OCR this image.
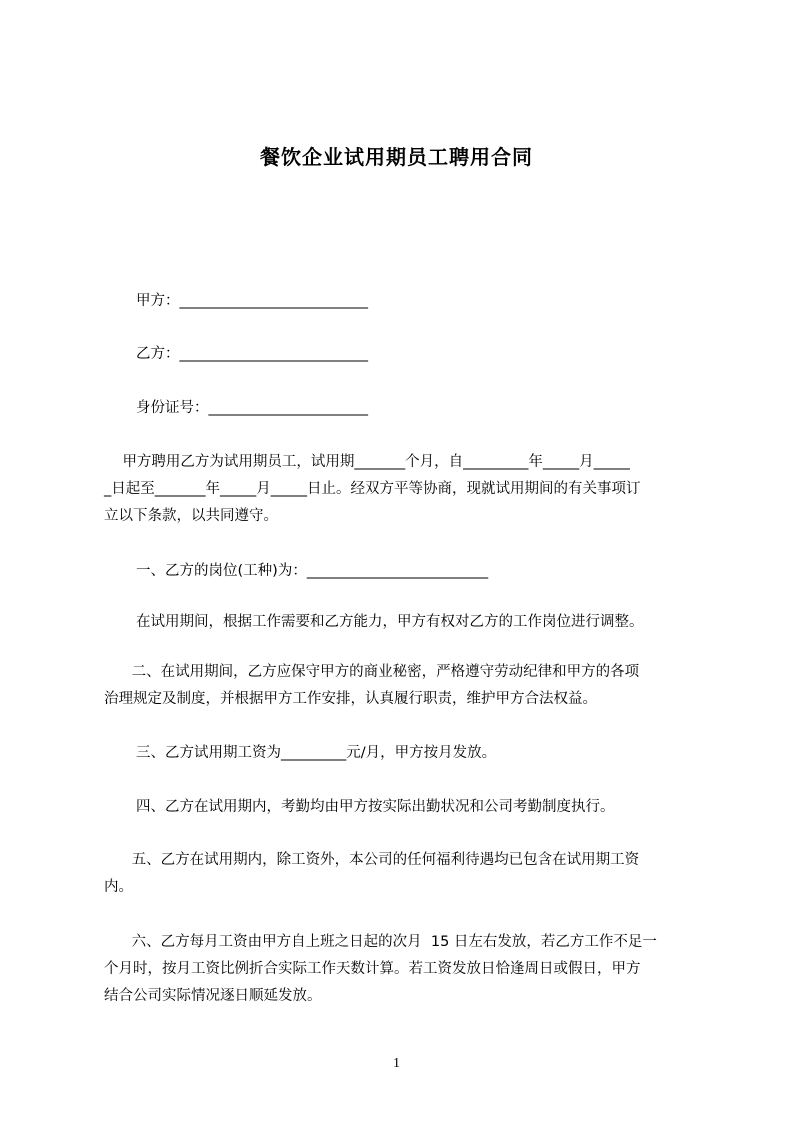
餐饮企业试用期员工聘用合同

甲方：__________________________

乙方：__________________________

身份证号：______________________

甲方聘用乙方为试用期员工，试用期_______个月，自_________年_____月_____
_日起至_______年_____月_____日止。经双方平等协商，现就试用期间的有关事项订
立以下条款，以共同遵守。

一、乙方的岗位(工种)为：_________________________

在试用期间，根据工作需要和乙方能力，甲方有权对乙方的工作岗位进行调整。

二、在试用期间，乙方应保守甲方的商业秘密，严格遵守劳动纪律和甲方的各项
治理规定及制度，并根据甲方工作安排，认真履行职责，维护甲方合法权益。

三、乙方试用期工资为_________元/月，甲方按月发放。

四、乙方在试用期内，考勤均由甲方按实际出勤状况和公司考勤制度执行。

五、乙方在试用期内，除工资外，本公司的任何福利待遇均已包含在试用期工资
内。

六、乙方每月工资由甲方自上班之日起的次月  15 日左右发放，若乙方工作不足一
个月时，按月工资比例折合实际工作天数计算。若工资发放日恰逢周日或假日，甲方
结合公司实际情况逐日顺延发放。

1
